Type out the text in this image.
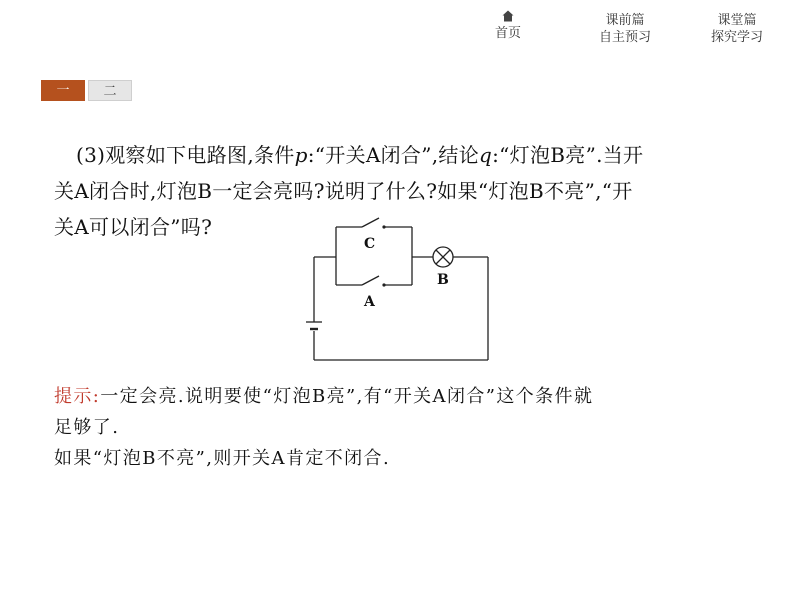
首页
课前篇
自主预习
课堂篇
探究学习
一	二
(3)观察如下电路图,条件p:“开关A闭合”,结论q:“灯泡B亮”.当开
关A闭合时,灯泡B一定会亮吗?说明了什么?如果“灯泡B不亮”,“开
关A可以闭合”吗?
C
A
B
提示:一定会亮.说明要使“灯泡B亮”,有“开关A闭合”这个条件就
足够了.
如果“灯泡B不亮”,则开关A肯定不闭合.
